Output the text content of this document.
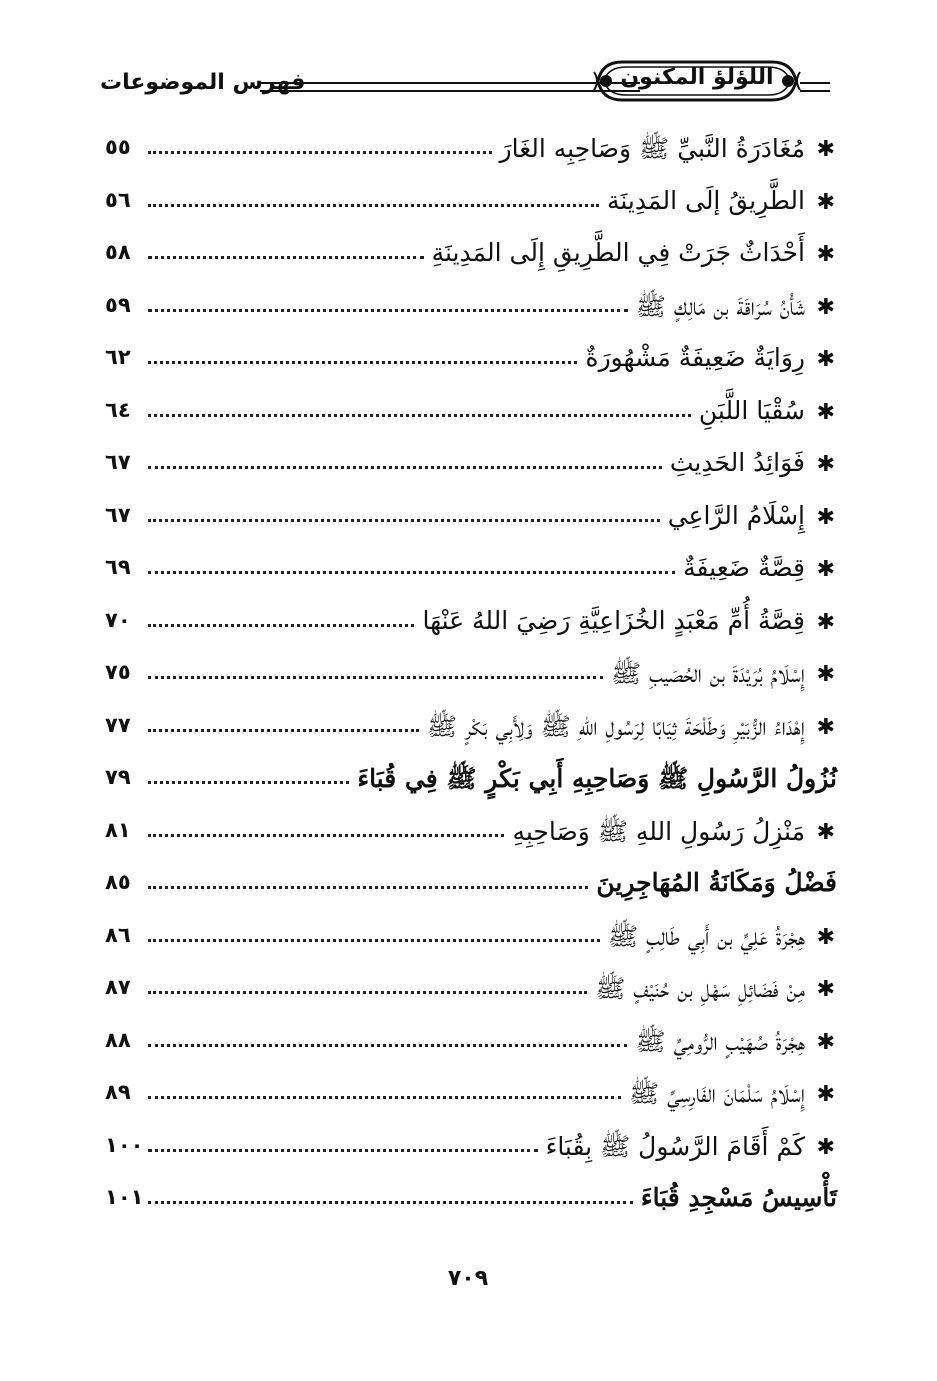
فهرس الموضوعات	اللؤلؤ المكنون
٥٥	مُغَادَرَةُ النَّبيِّ ﷺ وَصَاحِبِه الغَارَ ✱
٥٦	الطَّرِيقُ إلَى المَدِينَة ✱
٥٨	أَحْدَاثٌ جَرَتْ فِي الطَّرِيقِ إِلَى المَدِينَةِ ✱
٥٩	شَأْنُ سُرَاقَةَ بن مَالِكٍ ﷺ ✱
٦٢	رِوَايَةٌ ضَعِيفَةٌ مَشْهُورَةٌ ✱
٦٤	سُقْيَا اللَّبَنِ ✱
٦٧	فَوَائِدُ الحَدِيثِ ✱
٦٧	إِسْلَامُ الرَّاعِي ✱
٦٩	قِصَّةٌ ضَعِيفَةٌ ✱
٧٠	قِصَّةُ أُمِّ مَعْبَدٍ الخُزَاعِيَّةِ رَضِيَ اللهُ عَنْهَا ✱
٧٥	إِسْلَامُ بُرَيْدَةَ بن الحُصَيبِ ﷺ ✱
٧٧	إِهْدَاءُ الزُّبَيْرِ وَطَلْحَةَ ثِيَابًا لِرَسُولِ اللهِ ﷺ وَلِأَبِي بَكْرٍ ﷺ ✱
٧٩	نُزُولُ الرَّسُولِ ﷺ وَصَاحِبِهِ أَبِي بَكْرٍ ﷺ فِي قُبَاءَ
٨١	مَنْزِلُ رَسُولِ اللهِ ﷺ وَصَاحِبِهِ ✱
٨٥	فَضْلُ وَمَكَانَةُ المُهَاجِرِينَ
٨٦	هِجْرَةُ عَلِيِّ بن أَبِي طَالِبٍ ﷺ ✱
٨٧	مِنْ فَضَائِلِ سَهْلِ بن حُنَيْفٍ ﷺ ✱
٨٨	هِجْرَةُ صُهَيْبٍ الرُّومِيِّ ﷺ ✱
٨٩	إِسْلَامُ سَلْمَانَ الفَارِسِيِّ ﷺ ✱
١٠٠	كَمْ أَقَامَ الرَّسُولُ ﷺ بِقُبَاءَ ✱
١٠١	تَأْسِيسُ مَسْجِدِ قُبَاءَ
٧٠٩
